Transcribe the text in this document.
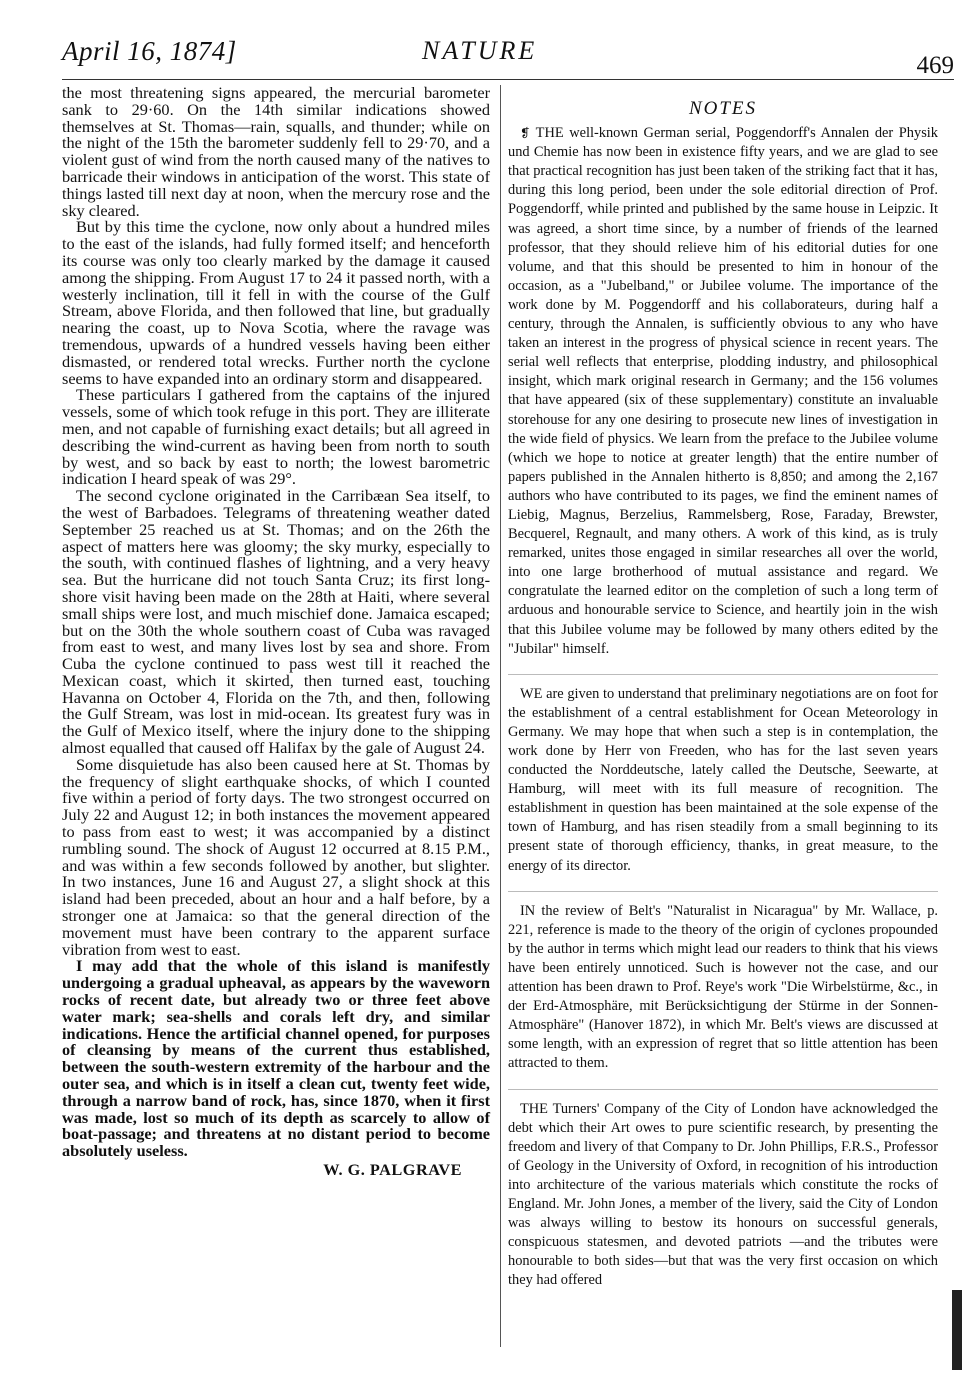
April 16, 1874]	NATURE
469

the most threatening signs appeared, the mercurial barometer sank to 29·60. On the 14th similar indications showed themselves at St. Thomas—rain, squalls, and thunder; while on the night of the 15th the barometer suddenly fell to 29·70, and a violent gust of wind from the north caused many of the natives to barricade their windows in anticipation of the worst. This state of things lasted till next day at noon, when the mercury rose and the sky cleared.

But by this time the cyclone, now only about a hundred miles to the east of the islands, had fully formed itself; and henceforth its course was only too clearly marked by the damage it caused among the shipping. From August 17 to 24 it passed north, with a westerly inclination, till it fell in with the course of the Gulf Stream, above Florida, and then followed that line, but gradually nearing the coast, up to Nova Scotia, where the ravage was tremendous, upwards of a hundred vessels having been either dismasted, or rendered total wrecks. Further north the cyclone seems to have expanded into an ordinary storm and disappeared.

These particulars I gathered from the captains of the injured vessels, some of which took refuge in this port. They are illiterate men, and not capable of furnishing exact details; but all agreed in describing the wind-current as having been from north to south by west, and so back by east to north; the lowest barometric indication I heard speak of was 29°.

The second cyclone originated in the Carribæan Sea itself, to the west of Barbadoes. Telegrams of threatening weather dated September 25 reached us at St. Thomas; and on the 26th the aspect of matters here was gloomy; the sky murky, especially to the south, with continued flashes of lightning, and a very heavy sea. But the hurricane did not touch Santa Cruz; its first long-shore visit having been made on the 28th at Haiti, where several small ships were lost, and much mischief done. Jamaica escaped; but on the 30th the whole southern coast of Cuba was ravaged from east to west, and many lives lost by sea and shore. From Cuba the cyclone continued to pass west till it reached the Mexican coast, which it skirted, then turned east, touching Havanna on October 4, Florida on the 7th, and then, following the Gulf Stream, was lost in mid-ocean. Its greatest fury was in the Gulf of Mexico itself, where the injury done to the shipping almost equalled that caused off Halifax by the gale of August 24.

Some disquietude has also been caused here at St. Thomas by the frequency of slight earthquake shocks, of which I counted five within a period of forty days. The two strongest occurred on July 22 and August 12; in both instances the movement appeared to pass from east to west; it was accompanied by a distinct rumbling sound. The shock of August 12 occurred at 8.15 P.M., and was within a few seconds followed by another, but slighter. In two instances, June 16 and August 27, a slight shock at this island had been preceded, about an hour and a half before, by a stronger one at Jamaica: so that the general direction of the movement must have been contrary to the apparent surface vibration from west to east.

I may add that the whole of this island is manifestly undergoing a gradual upheaval, as appears by the waveworn rocks of recent date, but already two or three feet above water mark; sea-shells and corals left dry, and similar indications. Hence the artificial channel opened, for purposes of cleansing by means of the current thus established, between the south-western extremity of the harbour and the outer sea, and which is in itself a clean cut, twenty feet wide, through a narrow band of rock, has, since 1870, when it first was made, lost so much of its depth as scarcely to allow of boat-passage; and threatens at no distant period to become absolutely useless.

W. G. PALGRAVE

NOTES

❡ THE well-known German serial, Poggendorff's Annalen der Physik und Chemie has now been in existence fifty years, and we are glad to see that practical recognition has just been taken of the striking fact that it has, during this long period, been under the sole editorial direction of Prof. Poggendorff, while printed and published by the same house in Leipzic. It was agreed, a short time since, by a number of friends of the learned professor, that they should relieve him of his editorial duties for one volume, and that this should be presented to him in honour of the occasion, as a "Jubelband," or Jubilee volume. The importance of the work done by M. Poggendorff and his collaborateurs, during half a century, through the Annalen, is sufficiently obvious to any who have taken an interest in the progress of physical science in recent years. The serial well reflects that enterprise, plodding industry, and philosophical insight, which mark original research in Germany; and the 156 volumes that have appeared (six of these supplementary) constitute an invaluable storehouse for any one desiring to prosecute new lines of investigation in the wide field of physics. We learn from the preface to the Jubilee volume (which we hope to notice at greater length) that the entire number of papers published in the Annalen hitherto is 8,850; and among the 2,167 authors who have contributed to its pages, we find the eminent names of Liebig, Magnus, Berzelius, Rammelsberg, Rose, Faraday, Brewster, Becquerel, Regnault, and many others. A work of this kind, as is truly remarked, unites those engaged in similar researches all over the world, into one large brotherhood of mutual assistance and regard. We congratulate the learned editor on the completion of such a long term of arduous and honourable service to Science, and heartily join in the wish that this Jubilee volume may be followed by many others edited by the "Jubilar" himself.

WE are given to understand that preliminary negotiations are on foot for the establishment of a central establishment for Ocean Meteorology in Germany. We may hope that when such a step is in contemplation, the work done by Herr von Freeden, who has for the last seven years conducted the Norddeutsche, lately called the Deutsche, Seewarte, at Hamburg, will meet with its full measure of recognition. The establishment in question has been maintained at the sole expense of the town of Hamburg, and has risen steadily from a small beginning to its present state of thorough efficiency, thanks, in great measure, to the energy of its director.

IN the review of Belt's "Naturalist in Nicaragua" by Mr. Wallace, p. 221, reference is made to the theory of the origin of cyclones propounded by the author in terms which might lead our readers to think that his views have been entirely unnoticed. Such is however not the case, and our attention has been drawn to Prof. Reye's work "Die Wirbelstürme, &c., in der Erd-Atmosphäre, mit Berücksichtigung der Stürme in der Sonnen-Atmosphäre" (Hanover 1872), in which Mr. Belt's views are discussed at some length, with an expression of regret that so little attention has been attracted to them.

THE Turners' Company of the City of London have acknowledged the debt which their Art owes to pure scientific research, by presenting the freedom and livery of that Company to Dr. John Phillips, F.R.S., Professor of Geology in the University of Oxford, in recognition of his introduction into architecture of the various materials which constitute the rocks of England. Mr. John Jones, a member of the livery, said the City of London was always willing to bestow its honours on successful generals, conspicuous statesmen, and devoted patriots —and the tributes were honourable to both sides—but that was the very first occasion on which they had offered
